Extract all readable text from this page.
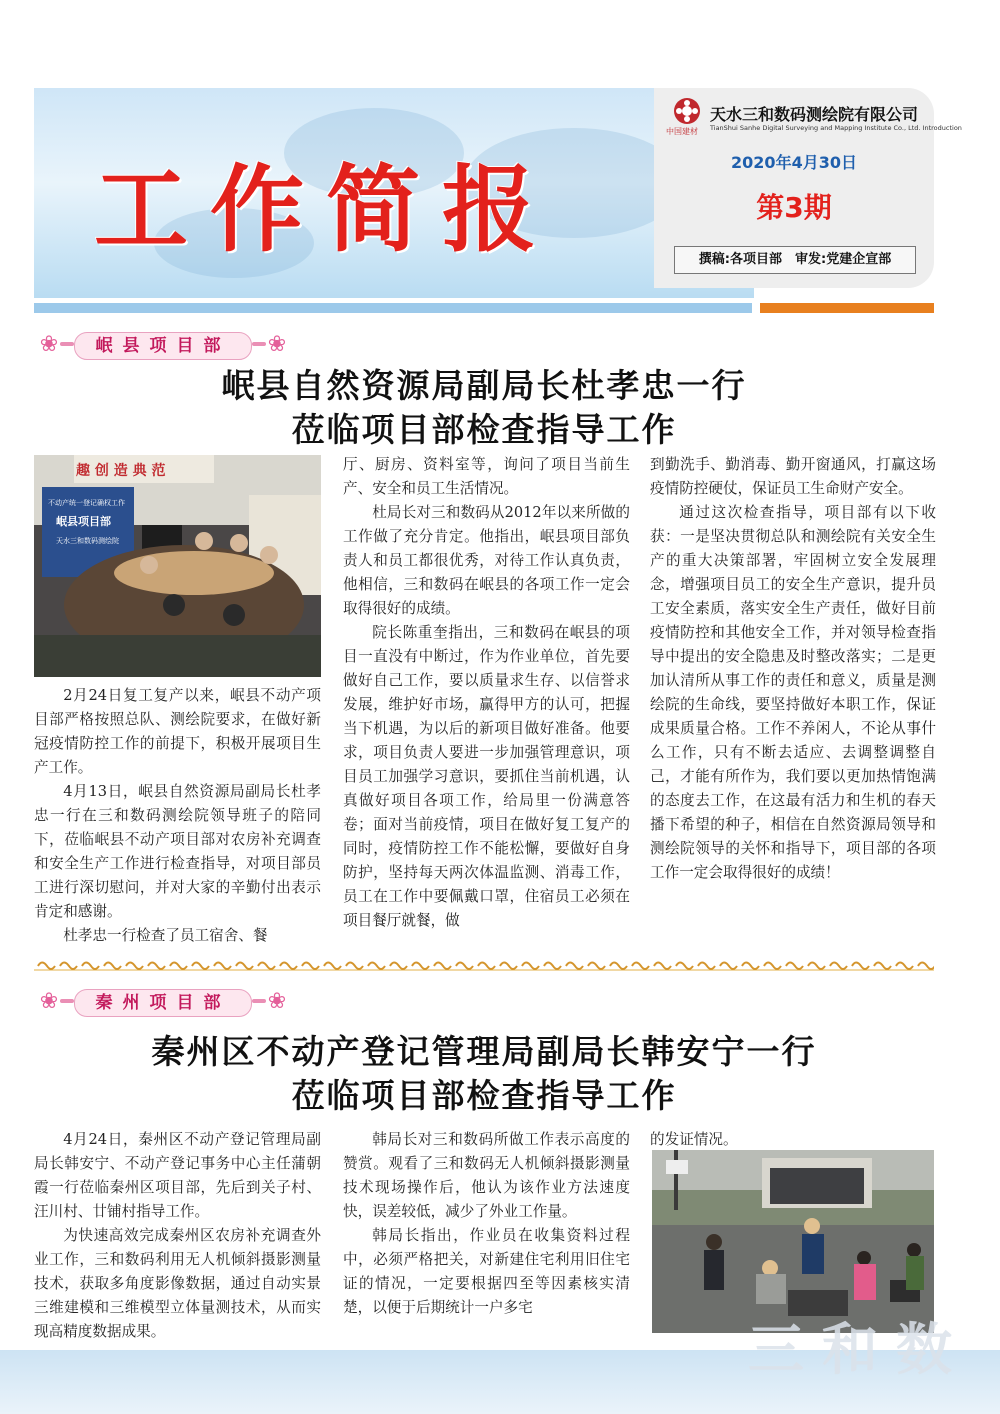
工作简报
中国建材
天水三和数码测绘院有限公司
TianShui Sanhe Digital Surveying and Mapping Institute Co., Ltd. Introduction
2020年4月30日
第3期
撰稿:各项目部　审发:党建企宣部
❀	岷县项目部	❀
岷县自然资源局副局长杜孝忠一行
莅临项目部检查指导工作
趣 创 造 典 范
不动产统一登记确权工作
岷县项目部
天水三和数码测绘院

2月24日复工复产以来，岷县不动产项目部严格按照总队、测绘院要求，在做好新冠疫情防控工作的前提下，积极开展项目生产工作。

4月13日，岷县自然资源局副局长杜孝忠一行在三和数码测绘院领导班子的陪同下，莅临岷县不动产项目部对农房补充调查和安全生产工作进行检查指导，对项目部员工进行深切慰问，并对大家的辛勤付出表示肯定和感谢。

杜孝忠一行检查了员工宿舍、餐

厅、厨房、资料室等，询问了项目当前生产、安全和员工生活情况。

杜局长对三和数码从2012年以来所做的工作做了充分肯定。他指出，岷县项目部负责人和员工都很优秀，对待工作认真负责，他相信，三和数码在岷县的各项工作一定会取得很好的成绩。

院长陈重奎指出，三和数码在岷县的项目一直没有中断过，作为作业单位，首先要做好自己工作，要以质量求生存、以信誉求发展，维护好市场，赢得甲方的认可，把握当下机遇，为以后的新项目做好准备。他要求，项目负责人要进一步加强管理意识，项目员工加强学习意识，要抓住当前机遇，认真做好项目各项工作，给局里一份满意答卷；面对当前疫情，项目在做好复工复产的同时，疫情防控工作不能松懈，要做好自身防护，坚持每天两次体温监测、消毒工作，员工在工作中要佩戴口罩，住宿员工必须在项目餐厅就餐，做

到勤洗手、勤消毒、勤开窗通风，打赢这场疫情防控硬仗，保证员工生命财产安全。

通过这次检查指导，项目部有以下收获：一是坚决贯彻总队和测绘院有关安全生产的重大决策部署，牢固树立安全发展理念，增强项目员工的安全生产意识，提升员工安全素质，落实安全生产责任，做好目前疫情防控和其他安全工作，并对领导检查指导中提出的安全隐患及时整改落实；二是更加认清所从事工作的责任和意义，质量是测绘院的生命线，要坚持做好本职工作，保证成果质量合格。工作不养闲人，不论从事什么工作，只有不断去适应、去调整调整自己，才能有所作为，我们要以更加热情饱满的态度去工作，在这最有活力和生机的春天播下希望的种子，相信在自然资源局领导和测绘院领导的关怀和指导下，项目部的各项工作一定会取得很好的成绩！

❀	秦州项目部	❀
秦州区不动产登记管理局副局长韩安宁一行
莅临项目部检查指导工作

4月24日，秦州区不动产登记管理局副局长韩安宁、不动产登记事务中心主任蒲朝霞一行莅临秦州区项目部，先后到关子村、汪川村、廿铺村指导工作。

为快速高效完成秦州区农房补充调查外业工作，三和数码利用无人机倾斜摄影测量技术，获取多角度影像数据，通过自动实景三维建模和三维模型立体量测技术，从而实现高精度数据成果。

韩局长对三和数码所做工作表示高度的赞赏。观看了三和数码无人机倾斜摄影测量技术现场操作后，他认为该作业方法速度快，误差较低，减少了外业工作量。

韩局长指出，作业员在收集资料过程中，必须严格把关，对新建住宅利用旧住宅证的情况，一定要根据四至等因素核实清楚，以便于后期统计一户多宅

的发证情况。

三和数
